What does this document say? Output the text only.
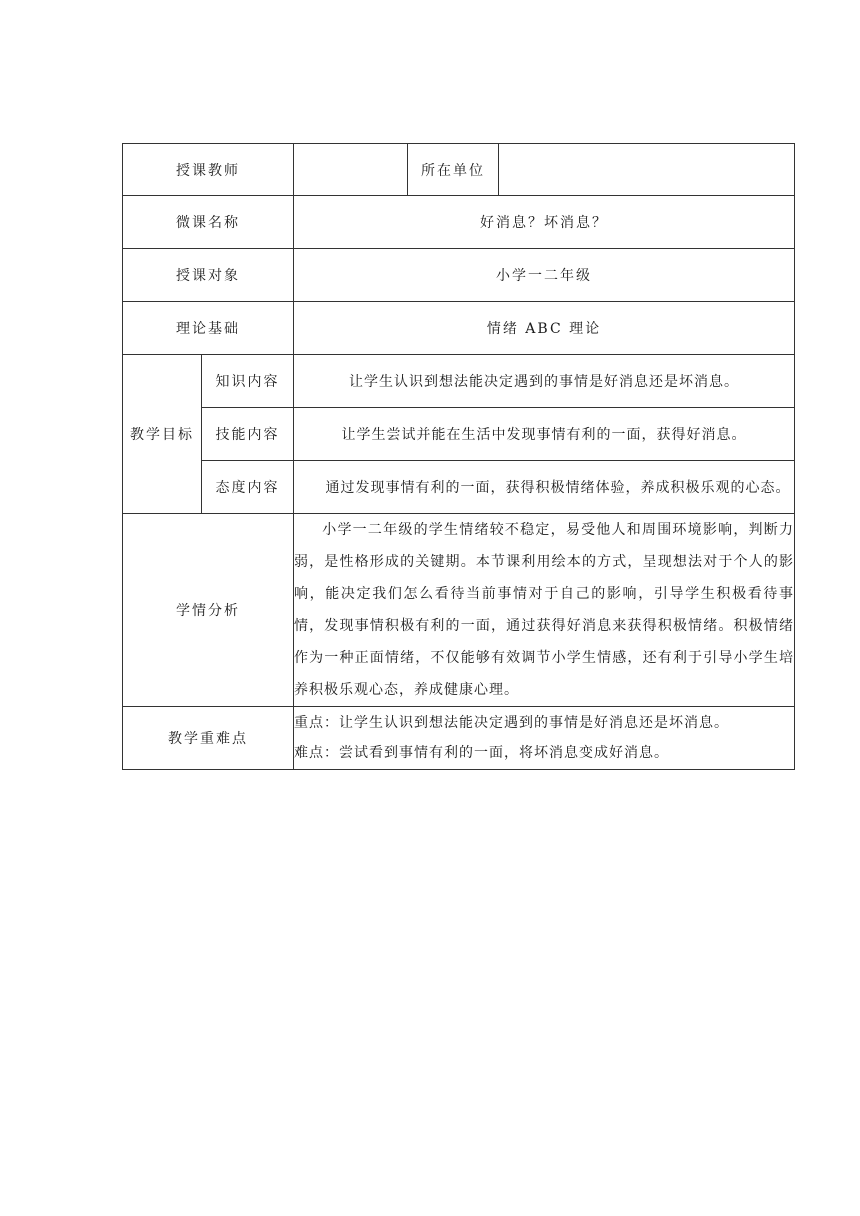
授课教师			所在单位	
微课名称		好消息？坏消息？		
授课对象		小学一二年级		
理论基础		情绪 ABC 理论		
教学目标	知识内容	让学生认识到想法能决定遇到的事情是好消息还是坏消息。		
	技能内容	让学生尝试并能在生活中发现事情有利的一面，获得好消息。		
	态度内容	通过发现事情有利的一面，获得积极情绪体验，养成积极乐观的心态。		
学情分析		小学一二年级的学生情绪较不稳定，易受他人和周围环境影响，判断力弱，是性格形成的关键期。本节课利用绘本的方式，呈现想法对于个人的影响，能决定我们怎么看待当前事情对于自己的影响，引导学生积极看待事情，发现事情积极有利的一面，通过获得好消息来获得积极情绪。积极情绪作为一种正面情绪，不仅能够有效调节小学生情感，还有利于引导小学生培养积极乐观心态，养成健康心理。		
教学重难点		重点：让学生认识到想法能决定遇到的事情是好消息还是坏消息。
难点：尝试看到事情有利的一面，将坏消息变成好消息。		
